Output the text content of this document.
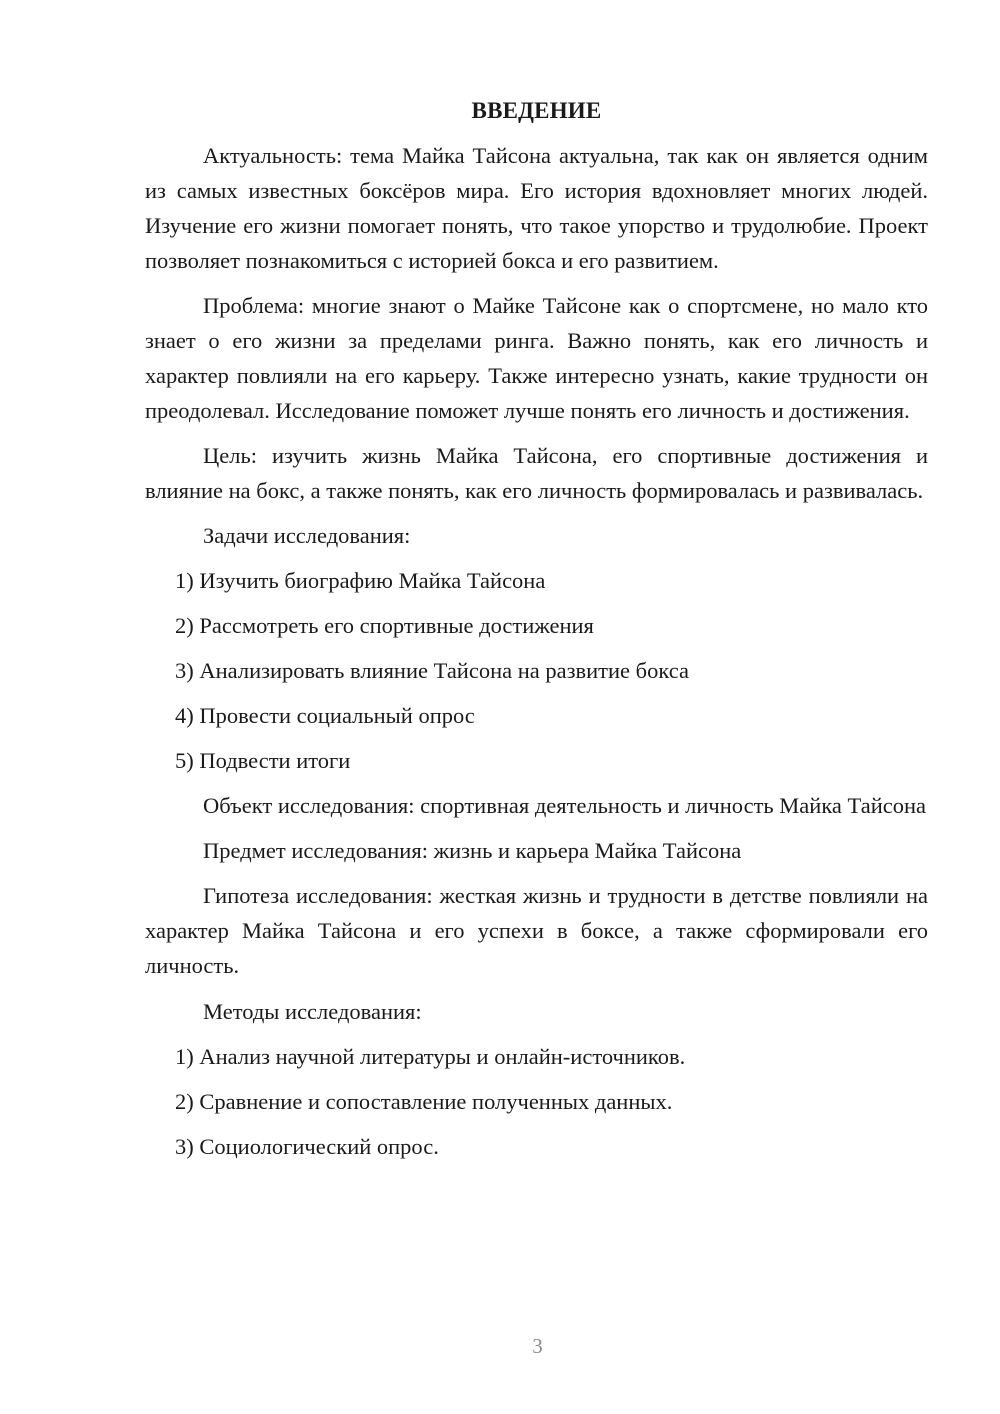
ВВЕДЕНИЕ

Актуальность: тема Майка Тайсона актуальна, так как он является одним из самых известных боксёров мира. Его история вдохновляет многих людей. Изучение его жизни помогает понять, что такое упорство и трудолюбие. Проект позволяет познакомиться с историей бокса и его развитием.

Проблема: многие знают о Майке Тайсоне как о спортсмене, но мало кто знает о его жизни за пределами ринга. Важно понять, как его личность и характер повлияли на его карьеру. Также интересно узнать, какие трудности он преодолевал. Исследование поможет лучше понять его личность и достижения.

Цель: изучить жизнь Майка Тайсона, его спортивные достижения и влияние на бокс, а также понять, как его личность формировалась и развивалась.

Задачи исследования:

1) Изучить биографию Майка Тайсона
2) Рассмотреть его спортивные достижения
3) Анализировать влияние Тайсона на развитие бокса
4) Провести социальный опрос
5) Подвести итоги

Объект исследования: спортивная деятельность и личность Майка Тайсона

Предмет исследования: жизнь и карьера Майка Тайсона

Гипотеза исследования: жесткая жизнь и трудности в детстве повлияли на характер Майка Тайсона и его успехи в боксе, а также сформировали его личность.

Методы исследования:

1) Анализ научной литературы и онлайн-источников.
2) Сравнение и сопоставление полученных данных.
3) Социологический опрос.
3
